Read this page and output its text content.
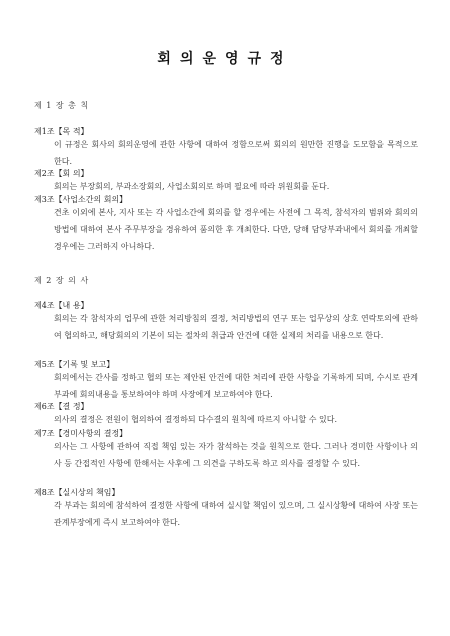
회의운영규정
제 1 장 총 칙
제1조【목 적】
이 규정은 회사의 회의운영에 관한 사항에 대하여 정함으로써 회의의 원만한 진행을 도모함을 목적으로 한다.
제2조【회 의】
회의는 부장회의, 부과소장회의, 사업소회의로 하며 필요에 따라 위원회를 둔다.
제3조【사업소간의 회의】
견초 이외에 본사, 지사 또는 각 사업소간에 회의를 할 경우에는 사전에 그 목적, 참석자의 범위와 회의의 방법에 대하여 본사 주무부장을 경유하여 품의한 후 개최한다. 다만, 당해 담당부과내에서 회의를 개최할 경우에는 그러하지 아니하다.
제 2 장 의 사
제4조【내 용】
회의는 각 참석자의 업무에 관한 처리방침의 결정, 처리방법의 연구 또는 업무상의 상호 연락토의에 관하여 협의하고, 해당회의의 기본이 되는 절차의 취급과 안건에 대한 실제의 처리를 내용으로 한다.
제5조【기록 및 보고】
회의에서는 간사를 정하고 협의 또는 제안된 안건에 대한 처리에 관한 사항을 기록하게 되며, 수시로 관계부과에 회의내용을 통보하여야 하며 사장에게 보고하여야 한다.
제6조【결 정】
의사의 결정은 전원이 협의하여 결정하되 다수결의 원칙에 따르지 아니할 수 있다.
제7조【경미사항의 결정】
의사는 그 사항에 관하여 직접 책임 있는 자가 참석하는 것을 원칙으로 한다. 그러나 경미한 사항이나 의사 등 간접적인 사항에 한해서는 사후에 그 의견을 구하도록 하고 의사를 결정할 수 있다.
제8조【실시상의 책임】
각 부과는 회의에 참석하여 결정한 사항에 대하여 실시할 책임이 있으며, 그 실시상황에 대하여 사장 또는 관계부장에게 즉시 보고하여야 한다.
